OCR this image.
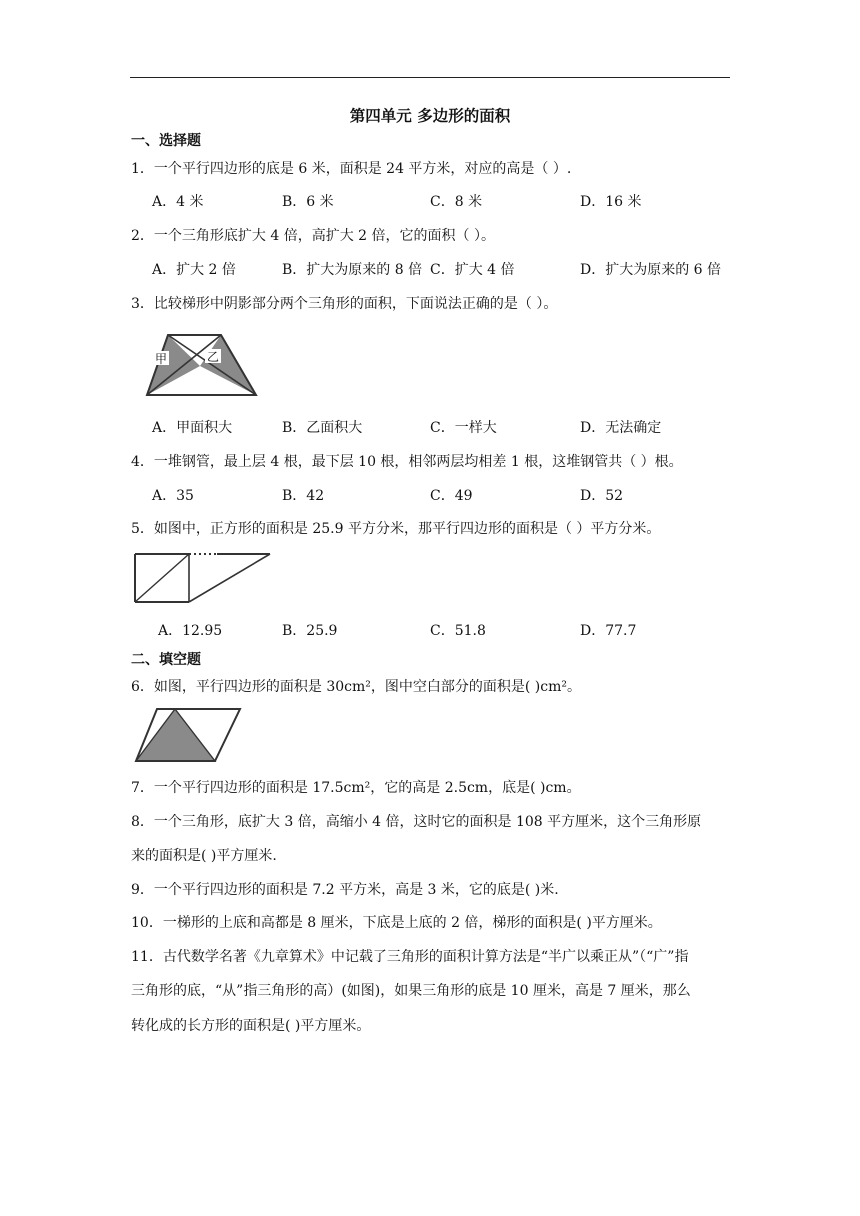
第四单元 多边形的面积
一、选择题
1．一个平行四边形的底是 6 米，面积是 24 平方米，对应的高是（ ）.
A．4 米	B．6 米	C．8 米	D．16 米
2．一个三角形底扩大 4 倍，高扩大 2 倍，它的面积（ ）。
A．扩大 2 倍	B．扩大为原来的 8 倍 C．扩大 4 倍	D．扩大为原来的 6 倍
3．比较梯形中阴影部分两个三角形的面积，下面说法正确的是（ ）。
甲	乙
A．甲面积大	B．乙面积大	C．一样大	D．无法确定
4．一堆钢管，最上层 4 根，最下层 10 根，相邻两层均相差 1 根，这堆钢管共（ ）根。
A．35	B．42	C．49	D．52
5．如图中，正方形的面积是 25.9 平方分米，那平行四边形的面积是（ ）平方分米。
A．12.95	B．25.9	C．51.8	D．77.7
二、填空题
6．如图，平行四边形的面积是 30cm²，图中空白部分的面积是( )cm²。
7．一个平行四边形的面积是 17.5cm²，它的高是 2.5cm，底是( )cm。
8．一个三角形，底扩大 3 倍，高缩小 4 倍，这时它的面积是 108 平方厘米，这个三角形原
来的面积是( )平方厘米.
9．一个平行四边形的面积是 7.2 平方米，高是 3 米，它的底是( )米.
10．一梯形的上底和高都是 8 厘米，下底是上底的 2 倍，梯形的面积是( )平方厘米。
11．古代数学名著《九章算术》中记载了三角形的面积计算方法是“半广以乘正从”（“广”指
三角形的底，“从”指三角形的高）(如图)，如果三角形的底是 10 厘米，高是 7 厘米，那么
转化成的长方形的面积是( )平方厘米。
